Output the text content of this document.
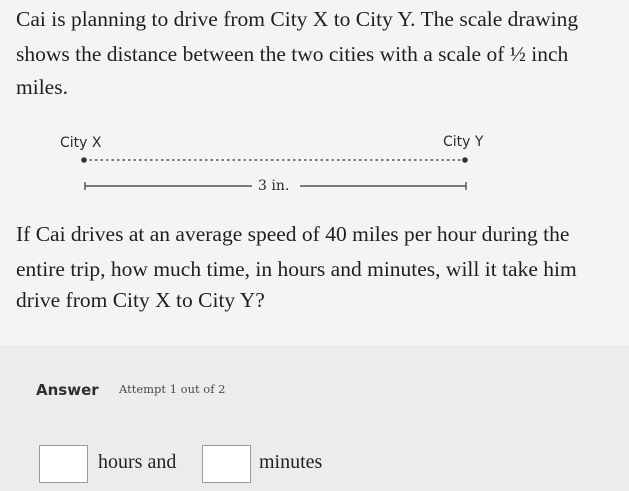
Cai is planning to drive from City X to City Y. The scale drawing

shows the distance between the two cities with a scale of ½ inch

miles.

City X	City Y
3 in.

If Cai drives at an average speed of 40 miles per hour during the

entire trip, how much time, in hours and minutes, will it take him

drive from City X to City Y?

Answer Attempt 1 out of 2
hours and	minutes
